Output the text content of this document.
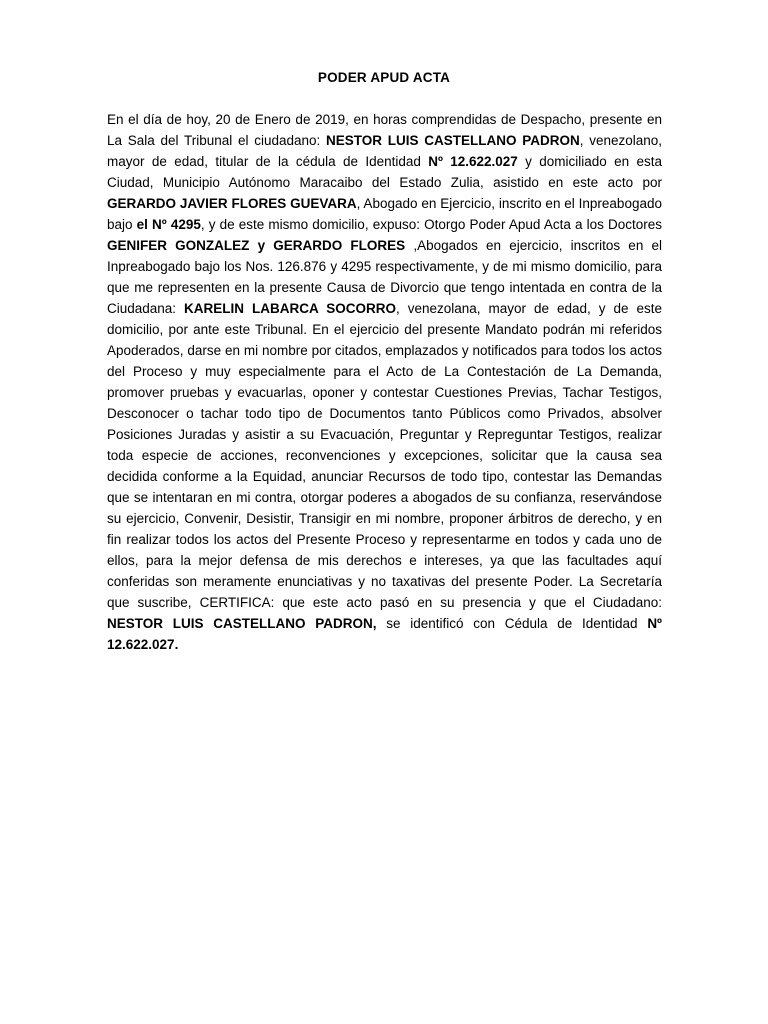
PODER APUD ACTA

En el día de hoy, 20 de Enero de 2019, en horas comprendidas de Despacho, presente en La Sala del Tribunal el ciudadano: NESTOR LUIS CASTELLANO PADRON, venezolano, mayor de edad, titular de la cédula de Identidad Nº 12.622.027 y domiciliado en esta Ciudad, Municipio Autónomo Maracaibo del Estado Zulia, asistido en este acto por GERARDO JAVIER FLORES GUEVARA, Abogado en Ejercicio, inscrito en el Inpreabogado bajo el Nº 4295, y de este mismo domicilio, expuso: Otorgo Poder Apud Acta a los Doctores GENIFER GONZALEZ y GERARDO FLORES ,Abogados en ejercicio, inscritos en el Inpreabogado bajo los Nos. 126.876 y 4295 respectivamente, y de mi mismo domicilio, para que me representen en la presente Causa de Divorcio que tengo intentada en contra de la Ciudadana: KARELIN LABARCA SOCORRO, venezolana, mayor de edad, y de este domicilio, por ante este Tribunal. En el ejercicio del presente Mandato podrán mi referidos Apoderados, darse en mi nombre por citados, emplazados y notificados para todos los actos del Proceso y muy especialmente para el Acto de La Contestación de La Demanda, promover pruebas y evacuarlas, oponer y contestar Cuestiones Previas, Tachar Testigos, Desconocer o tachar todo tipo de Documentos tanto Públicos como Privados, absolver Posiciones Juradas y asistir a su Evacuación, Preguntar y Repreguntar Testigos, realizar toda especie de acciones, reconvenciones y excepciones, solicitar que la causa sea decidida conforme a la Equidad, anunciar Recursos de todo tipo, contestar las Demandas que se intentaran en mi contra, otorgar poderes a abogados de su confianza, reservándose su ejercicio, Convenir, Desistir, Transigir en mi nombre, proponer árbitros de derecho, y en fin realizar todos los actos del Presente Proceso y representarme en todos y cada uno de ellos, para la mejor defensa de mis derechos e intereses, ya que las facultades aquí conferidas son meramente enunciativas y no taxativas del presente Poder. La Secretaría que suscribe, CERTIFICA: que este acto pasó en su presencia y que el Ciudadano: NESTOR LUIS CASTELLANO PADRON, se identificó con Cédula de Identidad Nº 12.622.027.
